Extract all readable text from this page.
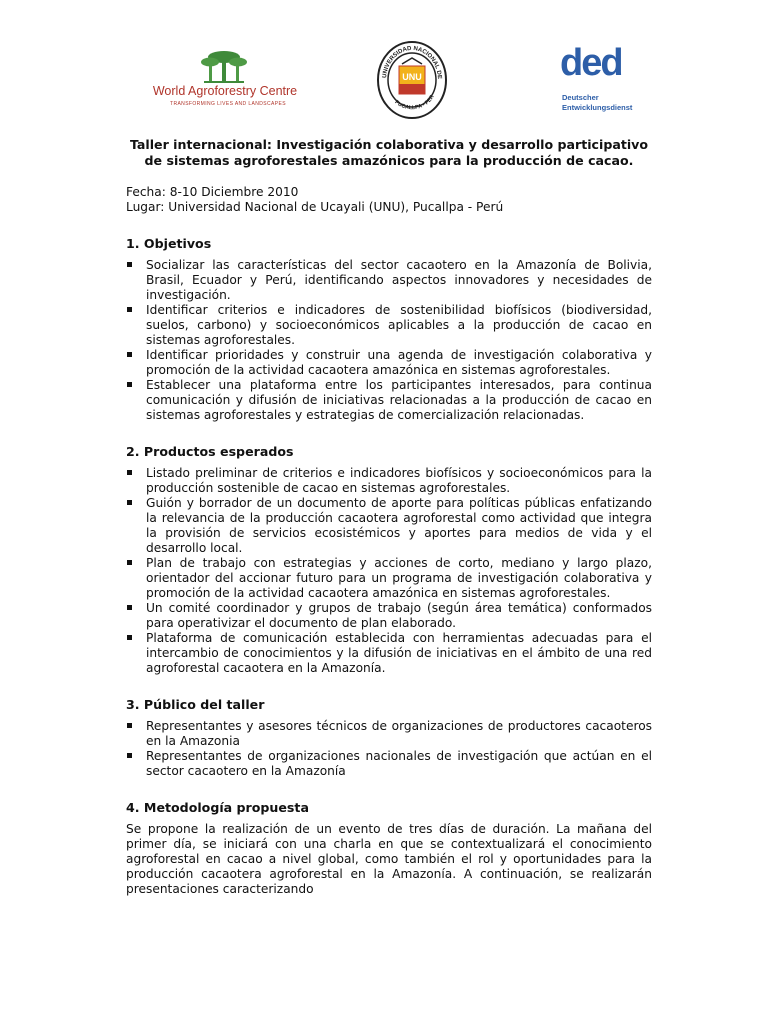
World Agroforestry Centre
TRANSFORMING LIVES AND LANDSCAPES
UNIVERSIDAD NACIONAL DE
PUCALLPA - PER
UNU	ded
Deutscher
Entwicklungsdienst
Taller internacional: Investigación colaborativa y desarrollo participativo de sistemas agroforestales amazónicos para la producción de cacao.

Fecha: 8-10 Diciembre 2010

Lugar: Universidad Nacional de Ucayali (UNU), Pucallpa - Perú

1. Objetivos
Socializar las características del sector cacaotero en la Amazonía de Bolivia, Brasil, Ecuador y Perú, identificando aspectos innovadores y necesidades de investigación.
Identificar criterios e indicadores de sostenibilidad biofísicos (biodiversidad, suelos, carbono) y socioeconómicos aplicables a la producción de cacao en sistemas agroforestales.
Identificar prioridades y construir una agenda de investigación colaborativa y promoción de la actividad cacaotera amazónica en sistemas agroforestales.
Establecer una plataforma entre los participantes interesados, para continua comunicación y difusión de iniciativas relacionadas a la producción de cacao en sistemas agroforestales y estrategias de comercialización relacionadas.
2. Productos esperados
Listado preliminar de criterios e indicadores biofísicos y socioeconómicos para la producción sostenible de cacao en sistemas agroforestales.
Guión y borrador de un documento de aporte para políticas públicas enfatizando la relevancia de la producción cacaotera agroforestal como actividad que integra la provisión de servicios ecosistémicos y aportes para medios de vida y el desarrollo local.
Plan de trabajo con estrategias y acciones de corto, mediano y largo plazo, orientador del accionar futuro para un programa de investigación colaborativa y promoción de la actividad cacaotera amazónica en sistemas agroforestales.
Un comité coordinador y grupos de trabajo (según área temática) conformados para operativizar el documento de plan elaborado.
Plataforma de comunicación establecida con herramientas adecuadas para el intercambio de conocimientos y la difusión de iniciativas en el ámbito de una red agroforestal cacaotera en la Amazonía.
3. Público del taller
Representantes y asesores técnicos de organizaciones de productores cacaoteros en la Amazonia
Representantes de organizaciones nacionales de investigación que actúan en el sector cacaotero en la Amazonía
4. Metodología propuesta

Se propone la realización de un evento de tres días de duración. La mañana del primer día, se iniciará con una charla en que se contextualizará el conocimiento agroforestal en cacao a nivel global, como también el rol y oportunidades para la producción cacaotera agroforestal en la Amazonía. A continuación, se realizarán presentaciones caracterizando
